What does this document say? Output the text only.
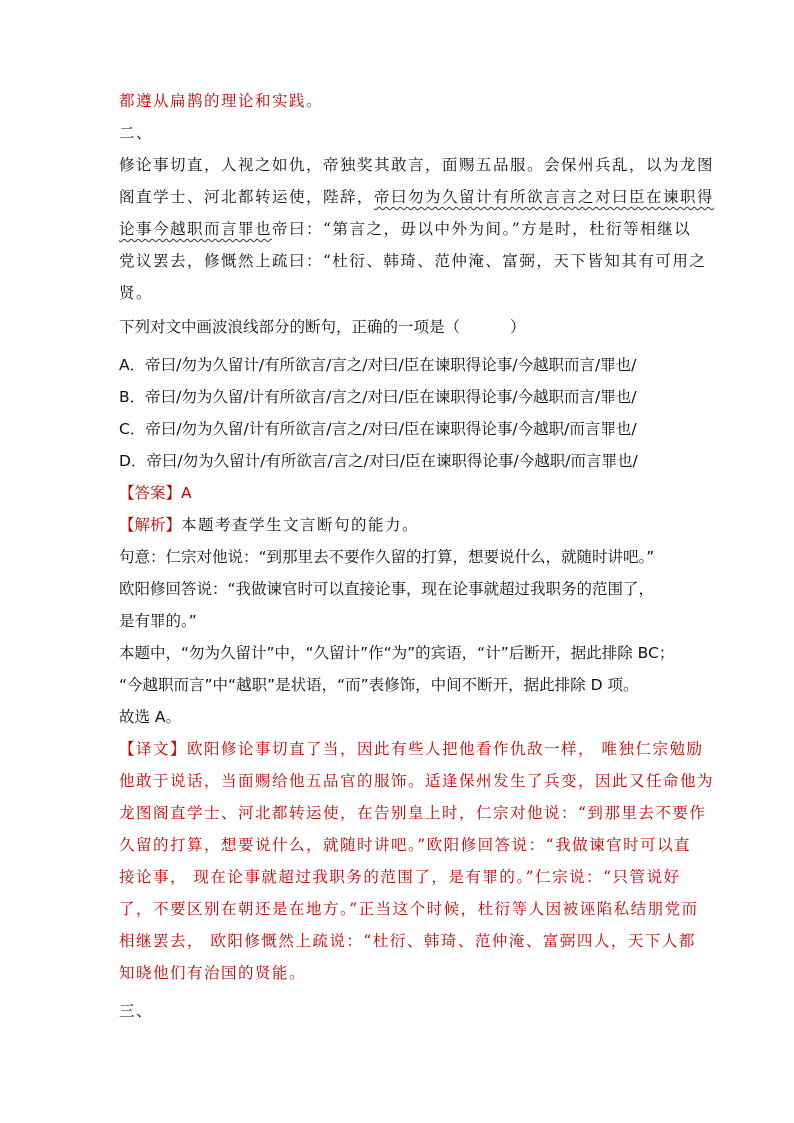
都遵从扁鹊的理论和实践。
二、
修论事切直，人视之如仇，帝独奖其敢言，面赐五品服。会保州兵乱，以为龙图
阁直学士、河北都转运使，陛辞，帝曰勿为久留计有所欲言言之对曰臣在谏职得
论事今越职而言罪也帝曰：“第言之，毋以中外为间。”方是时，杜衍等相继以
党议罢去，修慨然上疏曰：“杜衍、韩琦、范仲淹、富弼，天下皆知其有可用之
贤。
下列对文中画波浪线部分的断句，正确的一项是（	）
A．帝曰/勿为久留计/有所欲言/言之/对曰/臣在谏职得论事/今越职而言/罪也/
B．帝曰/勿为久留/计有所欲言/言之/对曰/臣在谏职得论事/今越职而言/罪也/
C．帝曰/勿为久留/计有所欲言/言之/对曰/臣在谏职得论事/今越职/而言罪也/
D．帝曰/勿为久留计/有所欲言/言之/对曰/臣在谏职得论事/今越职/而言罪也/
【答案】A
【解析】本题考查学生文言断句的能力。
句意：仁宗对他说：“到那里去不要作久留的打算，想要说什么，就随时讲吧。”
欧阳修回答说：“我做谏官时可以直接论事，现在论事就超过我职务的范围了，
是有罪的。”
本题中，“勿为久留计”中，“久留计”作“为”的宾语，“计”后断开，据此排除 BC；
“今越职而言”中“越职”是状语，“而”表修饰，中间不断开，据此排除 D 项。
故选 A。
【译文】欧阳修论事切直了当，因此有些人把他看作仇敌一样， 唯独仁宗勉励
他敢于说话，当面赐给他五品官的服饰。适逢保州发生了兵变，因此又任命他为
龙图阁直学士、河北都转运使，在告别皇上时，仁宗对他说：“到那里去不要作
久留的打算，想要说什么，就随时讲吧。”欧阳修回答说：“我做谏官时可以直
接论事， 现在论事就超过我职务的范围了，是有罪的。”仁宗说：“只管说好
了，不要区别在朝还是在地方。”正当这个时候，杜衍等人因被诬陷私结朋党而
相继罢去， 欧阳修慨然上疏说：“杜衍、韩琦、范仲淹、富弼四人，天下人都
知晓他们有治国的贤能。
三、
